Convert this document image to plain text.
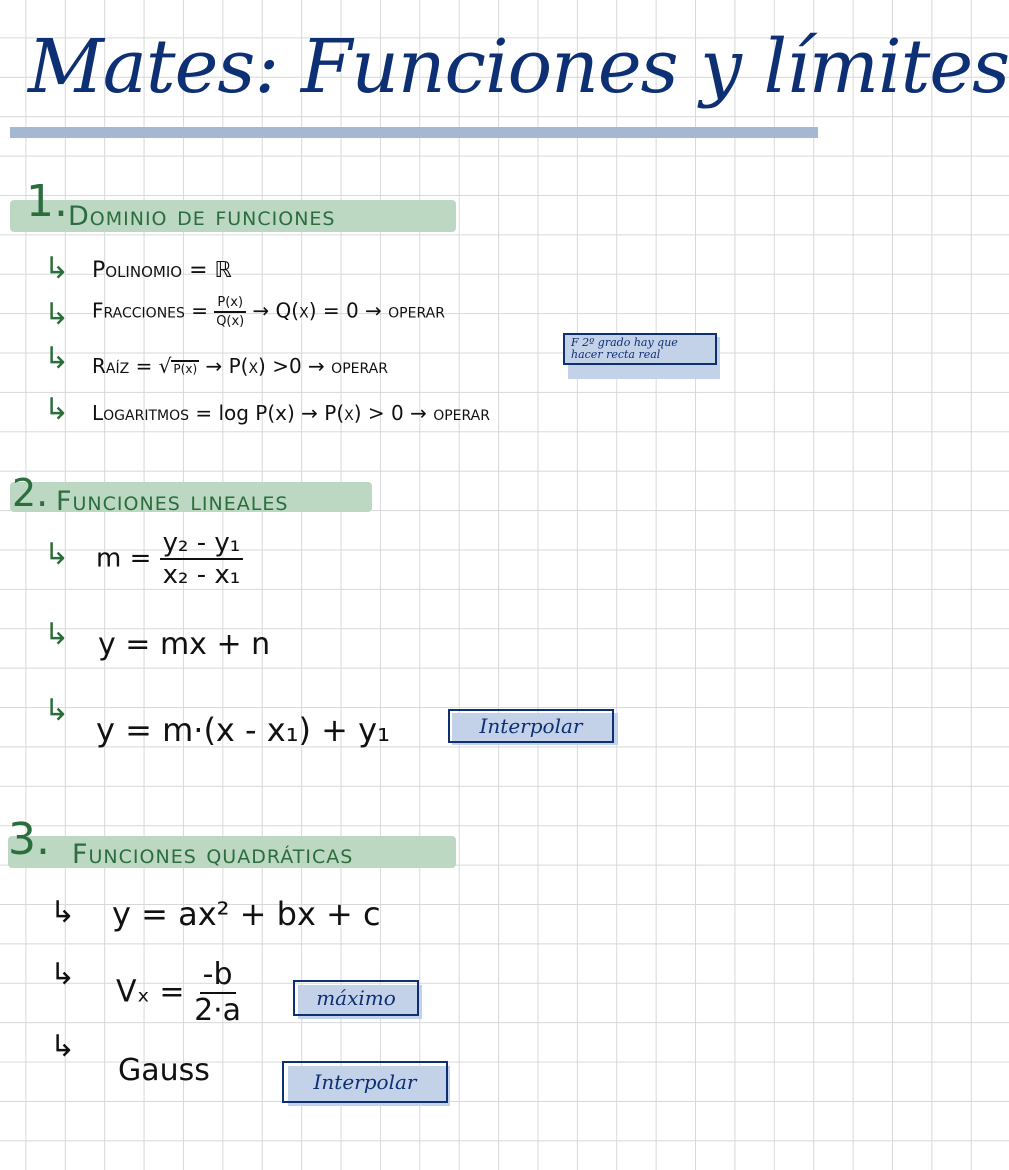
Mates: Funciones y límites
1. Dominio de funciones
↳ Polinomio = ℝ
↳ Fracciones = $\frac{P(x)}{Q(x)} \to Q(x) = 0$ → operar
↳ Raíz = √ P(x) → P(x) >0 → operar
F 2º grado hay que
hacer recta real
↳ Logaritmos = log P(x) → P(x) > 0 → operar
2. Funciones lineales
↳ $m = \frac{\text{y₂ - y₁}}{\text{x₂ - x₁}}$
↳ y = mx + n
↳
y = m·(x - x₁) + y₁	Interpolar
3. Funciones quadráticas
↳ y = ax² + bx + c
↳ $V_x = \frac{-b}{2\cdot a}$	máximo
↳
Gauss	Interpolar
